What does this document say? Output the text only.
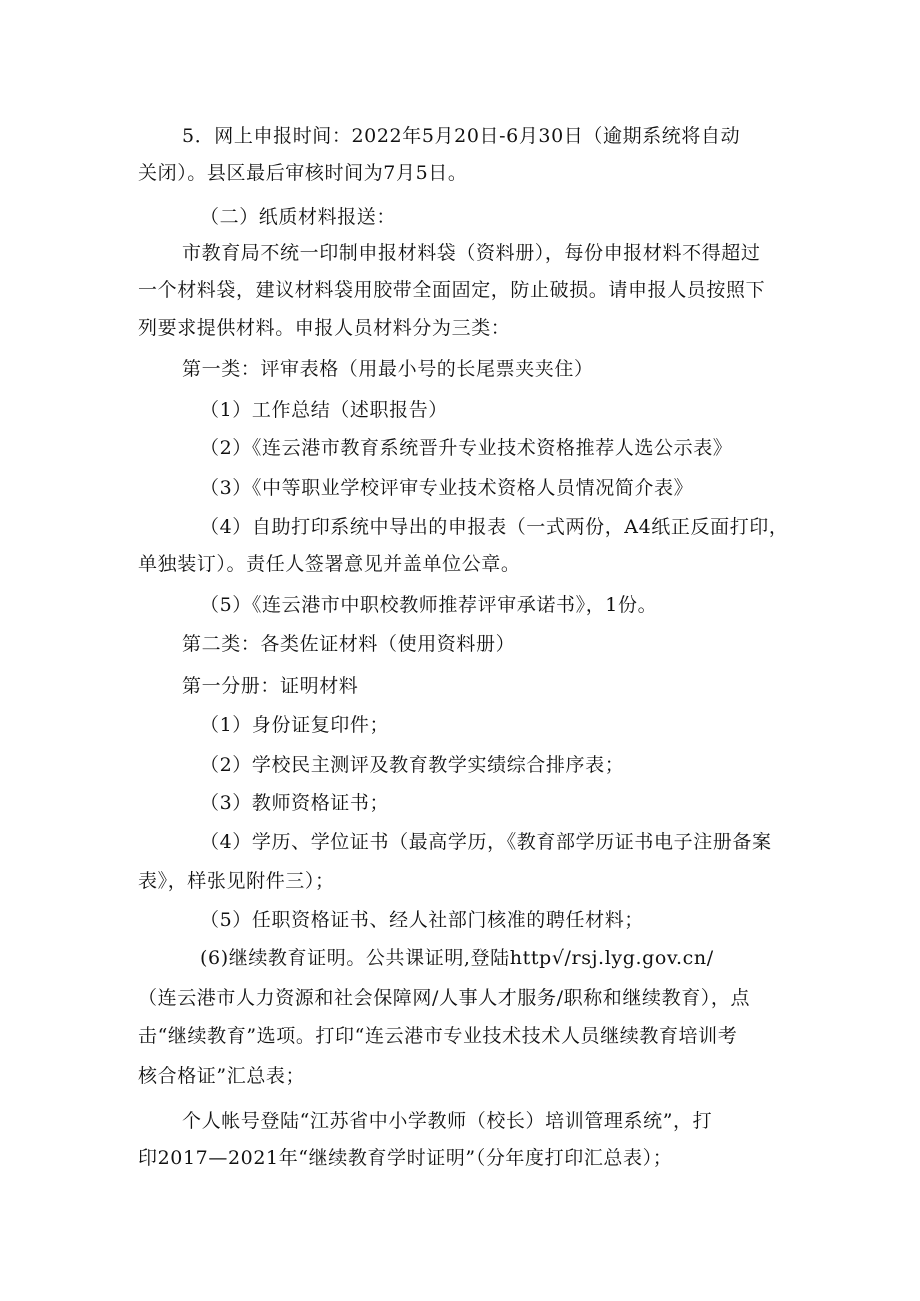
5．网上申报时间：2022年5月20日-6月30日（逾期系统将自动
关闭）。县区最后审核时间为7月5日。
（二）纸质材料报送：
市教育局不统一印制申报材料袋（资料册），每份申报材料不得超过
一个材料袋，建议材料袋用胶带全面固定，防止破损。请申报人员按照下
列要求提供材料。申报人员材料分为三类：
第一类：评审表格（用最小号的长尾票夹夹住）
（1）工作总结（述职报告）
（2）《连云港市教育系统晋升专业技术资格推荐人选公示表》
（3）《中等职业学校评审专业技术资格人员情况简介表》
（4）自助打印系统中导出的申报表（一式两份，A4纸正反面打印，
单独装订）。责任人签署意见并盖单位公章。
（5）《连云港市中职校教师推荐评审承诺书》，1份。
第二类：各类佐证材料（使用资料册）
第一分册：证明材料
（1）身份证复印件；
（2）学校民主测评及教育教学实绩综合排序表；
（3）教师资格证书；
（4）学历、学位证书（最高学历，《教育部学历证书电子注册备案
表》，样张见附件三）；
（5）任职资格证书、经人社部门核准的聘任材料；
(6)继续教育证明。公共课证明,登陆http√/rsj.lyg.gov.cn/
（连云港市人力资源和社会保障网/人事人才服务/职称和继续教育），点
击“继续教育”选项。打印“连云港市专业技术技术人员继续教育培训考
核合格证”汇总表；
个人帐号登陆“江苏省中小学教师（校长）培训管理系统”，打
印2017—2021年“继续教育学时证明”（分年度打印汇总表）；
